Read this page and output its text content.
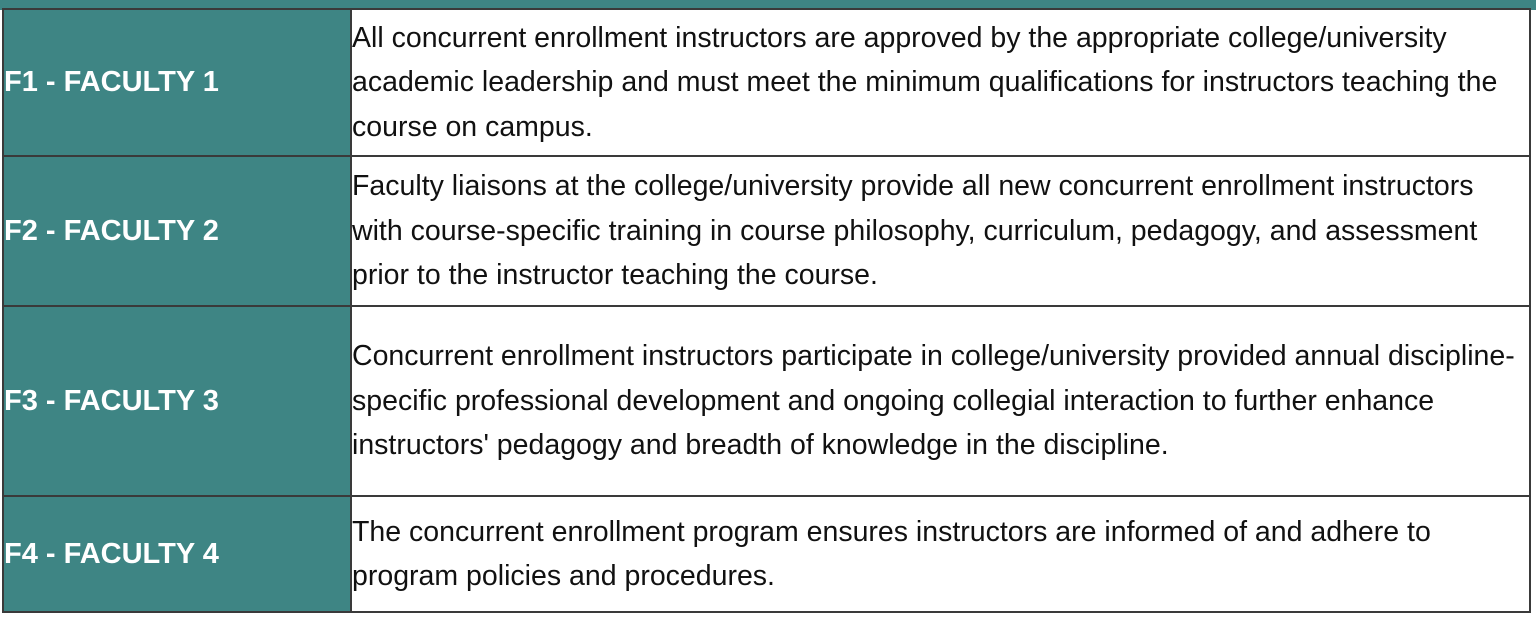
F1 - FACULTY 1	All concurrent enrollment instructors are approved by the appropriate college/university academic leadership and must meet the minimum qualifications for instructors teaching the course on campus.
F2 - FACULTY 2	Faculty liaisons at the college/university provide all new concurrent enrollment instructors with course-specific training in course philosophy, curriculum, pedagogy, and assessment prior to the instructor teaching the course.
F3 - FACULTY 3	Concurrent enrollment instructors participate in college/university provided annual discipline-specific professional development and ongoing collegial interaction to further enhance instructors' pedagogy and breadth of knowledge in the discipline.
F4 - FACULTY 4	The concurrent enrollment program ensures instructors are informed of and adhere to program policies and procedures.
